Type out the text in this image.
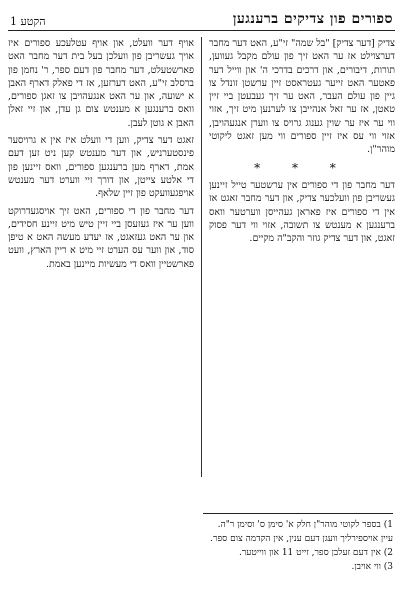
ספורים פון צדיקים ברענגען
הקטע 1

צדיק [דער צדיק] "בל שמה" זי"ע, האט דער מחבר דערצוילט אז ער האט זיך פון עולם מקבל געווען, תורות, דיבורים, און דרכים בדרכי ה' און ווייל דער פאטער האט זייער געטראסט זיין ערשטן זונדל צו גיין פון עולם העבר, האט ער זיך געבעטן ביי זיין טאטן, אז ער זאל אנהייבן צו לערנען מיט זיך, אזוי ווי ער איז ער שוין גענוג גרויס צו ווערן אנגעהויבן, אזוי ווי עס איז זיין ספורים ווי מען זאגט ליקוטי מוהר"ן.

* * *

דער מחבר פון די ספורים אין ערשטער טייל זיינען געשריבן פון וועלכער צדיק, און דער מחבר זאגט אז אין די ספורים איז פאראן געהייסן ווערטער וואס ברענגען א מענטש צו תשובה, אזוי ווי דער פסוק זאגט, און דער צדיק גוזר והקב"ה מקיים.

אויף דער וועלט, און אויף עטלעכע ספורים איז אויך געשריבן פון וועלכן בעל בית דער מחבר האט פארשטעלט, דער מחבר פון דעם ספר, ר' נחמן פון ברסלב זי"ע, האט דערזען, אז די פאלק דארף האבן א ישועה, און ער האט אנגעהויבן צו זאגן ספורים, וואס ברענגען א מענטש צום גן עדן, און זיי זאלן האבן א גוטן לעבן.

זאגט דער צדיק, ווען די וועלט איז אין א גרויסער פינסטערניש, און דער מענטש קען ניט זען דעם אמת, דארף מען ברענגען ספורים, וואס זיינען פון די אלטע צייטן, און דורך זיי ווערט דער מענטש אויפגעוועקט פון זיין שלאף.

דער מחבר פון די ספורים, האט זיך אויסגעדרוקט ווען ער איז געזעסן ביי זיין טיש מיט זיינע חסידים, און ער האט געזאגט, אז יעדע מעשה האט א טיפן סוד, און ווער עס הערט זיי מיט א ריין הארץ, וועט פארשטיין וואס די מעשיות מיינען באמת.

1) בספר לקוטי מוהר"ן חלק א' סימן ס' וסימן ר"ה.
עיין אויספירליך וועגן דעם ענין, אין הקדמה צום ספר.
2) אין דעם זעלבן ספר, זייט 11 און ווייטער.
3) ווי אויבן.
